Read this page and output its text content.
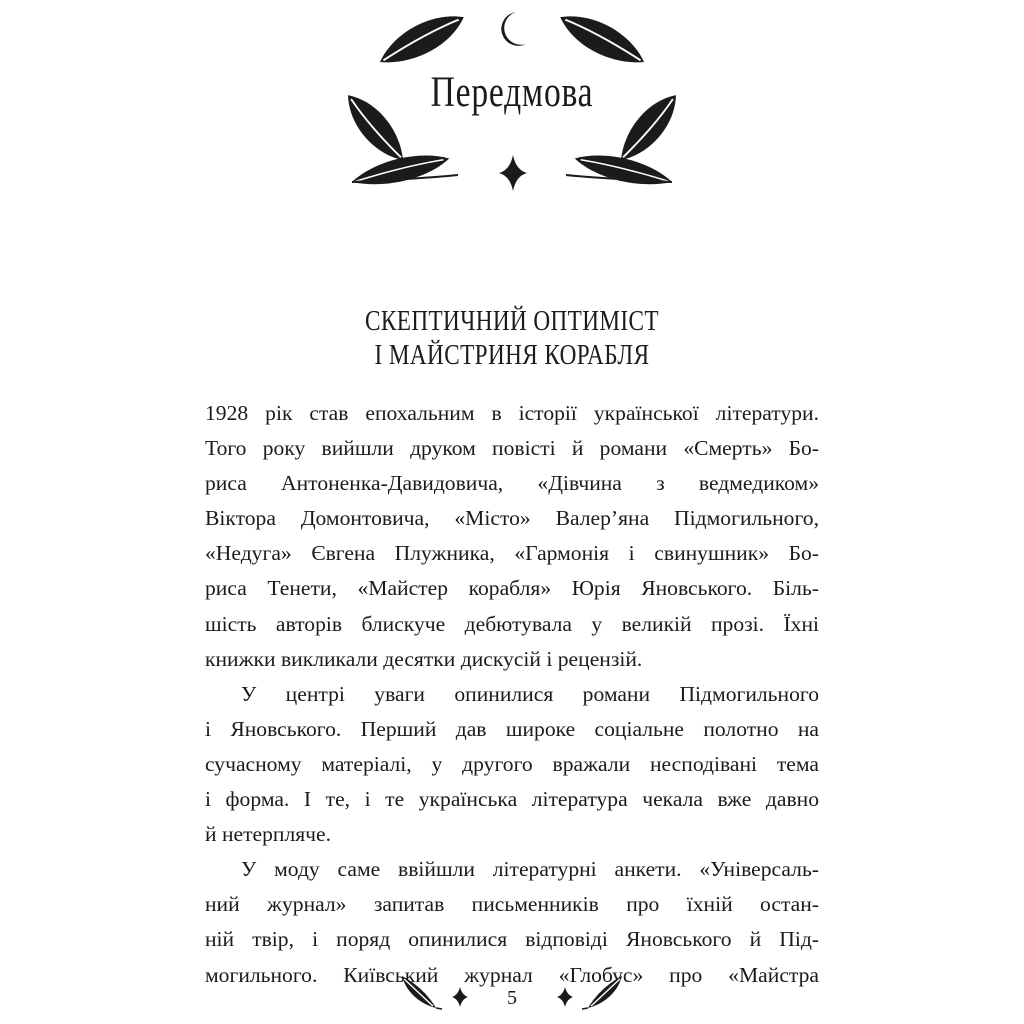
Передмова
СКЕПТИЧНИЙ ОПТИМІСТ
І МАЙСТРИНЯ КОРАБЛЯ
1928 рік став епохальним в історії української літератури.
Того року вийшли друком повісті й романи «Смерть» Бо-
риса Антоненка-Давидовича, «Дівчина з ведмедиком»
Віктора Домонтовича, «Місто» Валер’яна Підмогильного,
«Недуга» Євгена Плужника, «Гармонія і свинушник» Бо-
риса Тенети, «Майстер корабля» Юрія Яновського. Біль-
шість авторів блискуче дебютувала у великій прозі. Їхні
книжки викликали десятки дискусій і рецензій.
У центрі уваги опинилися романи Підмогильного
і Яновського. Перший дав широке соціальне полотно на
сучасному матеріалі, у другого вражали несподівані тема
і форма. І те, і те українська література чекала вже давно
й нетерпляче.
У моду саме ввійшли літературні анкети. «Універсаль-
ний журнал» запитав письменників про їхній остан-
ній твір, і поряд опинилися відповіді Яновського й Під-
могильного. Київський журнал «Глобус» про «Майстра
5
